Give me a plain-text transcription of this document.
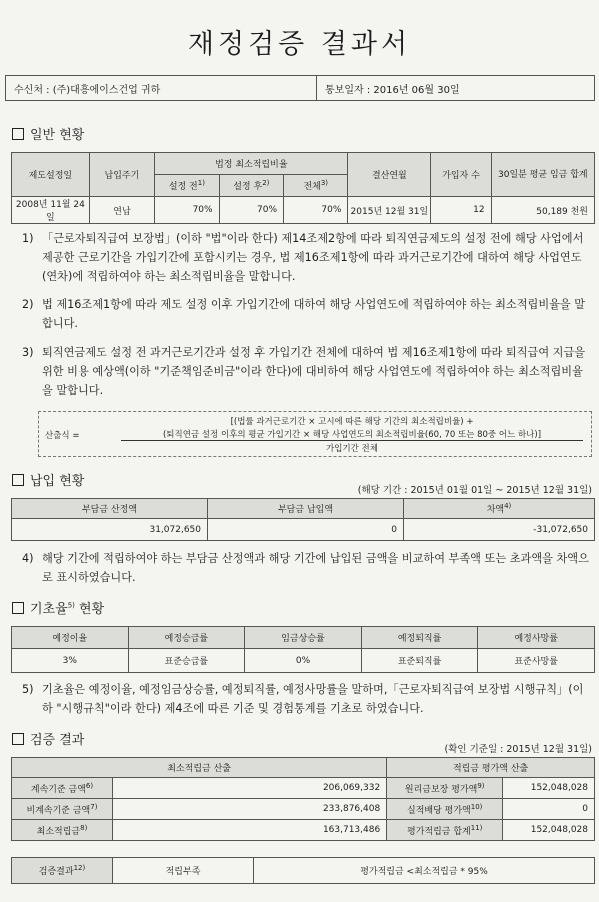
재정검증 결과서
수신처 : (주)대흥에이스건업 귀하	통보일자 : 2016년 06월 30일
일반 현황
제도설정일	납입주기	법정 최소적립비율			결산연월	가입자 수	30일분 평균 임금 합계
		설정 전$^{1)}$	설정 후$^{2)}$	전체$^{3)}$
2008년 11월 24일	연납	70%	70%	70%	2015년 12월 31일	12	50,189 천원
1) 「근로자퇴직급여 보장법」(이하 "법"이라 한다) 제14조제2항에 따라 퇴직연금제도의 설정 전에 해당 사업에서 제공한 근로기간을 가입기간에 포함시키는 경우, 법 제16조제1항에 따라 과거근로기간에 대하여 해당 사업연도(연차)에 적립하여야 하는 최소적립비율을 말합니다.
2) 법 제16조제1항에 따라 제도 설정 이후 가입기간에 대하여 해당 사업연도에 적립하여야 하는 최소적립비율을 말합니다.
3) 퇴직연금제도 설정 전 과거근로기간과 설정 후 가입기간 전체에 대하여 법 제16조제1항에 따라 퇴직급여 지급을 위한 비용 예상액(이하 "기준책임준비금"이라 한다)에 대비하여 해당 사업연도에 적립하여야 하는 최소적립비율을 말합니다.
산출식 =
[(법률 과거근로기간 × 고시에 따른 해당 기간의 최소적립비율) +
(퇴직연금 설정 이후의 평균 가입기간 × 해당 사업연도의 최소적립비율(60, 70 또는 80중 어느 하나)]
가입기간 전체
납입 현황
(해당 기간 : 2015년 01월 01일 ~ 2015년 12월 31일)
부담금 산정액	부담금 납입액	차액$^{4)}$
31,072,650	0	-31,072,650
4) 해당 기간에 적립하여야 하는 부담금 산정액과 해당 기간에 납입된 금액을 비교하여 부족액 또는 초과액을 차액으로 표시하였습니다.
기초율$^{5)}$ 현황
예정이율	예정승급률	임금상승률	예정퇴직률	예정사망률
3%	표준승급률	0%	표준퇴직률	표준사망률
5) 기초율은 예정이율, 예정임금상승률, 예정퇴직률, 예정사망률을 말하며,「근로자퇴직급여 보장법 시행규칙」(이하 "시행규칙"이라 한다) 제4조에 따른 기준 및 경험통계를 기초로 하였습니다.
검증 결과
(확인 기준일 : 2015년 12월 31일)
최소적립금 산출		적립금 평가액 산출	
계속기준 금액$^{6)}$	206,069,332	원리금보장 평가액$^{9)}$	152,048,028
비계속기준 금액$^{7)}$	233,876,408	실적배당 평가액$^{10)}$	0
최소적립금$^{8)}$	163,713,486	평가적립금 합계$^{11)}$	152,048,028
검증결과$^{12)}$	적립부족	평가적립금 <최소적립금 * 95%
